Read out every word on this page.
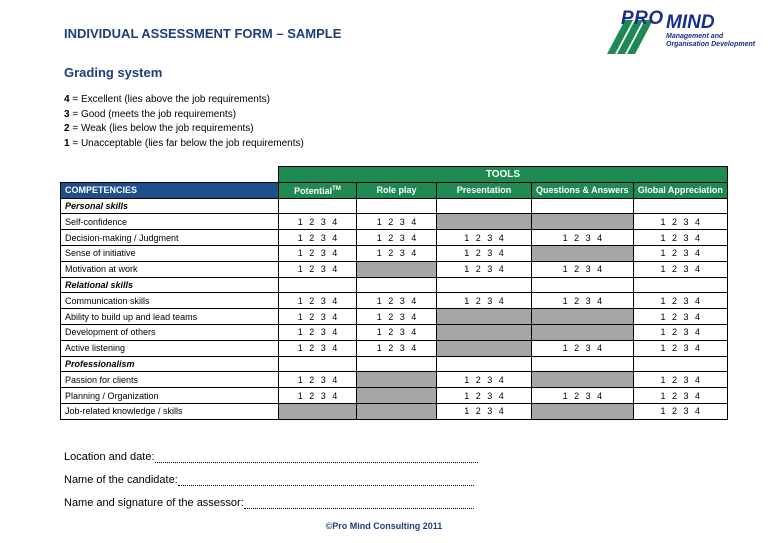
INDIVIDUAL ASSESSMENT FORM – SAMPLE
PRO MIND
Management and
Organisation Development
Grading system
4 = Excellent (lies above the job requirements)
3 = Good (meets the job requirements)
2 = Weak (lies below the job requirements)
1 = Unacceptable (lies far below the job requirements)
	TOOLS				
COMPETENCIES	Potential™	Role play	Presentation	Questions & Answers	Global Appreciation
Personal skills					
Self-confidence	1 2 3 4	1 2 3 4			1 2 3 4
Decision-making / Judgment	1 2 3 4	1 2 3 4	1 2 3 4	1 2 3 4	1 2 3 4
Sense of initiative	1 2 3 4	1 2 3 4	1 2 3 4		1 2 3 4
Motivation at work	1 2 3 4		1 2 3 4	1 2 3 4	1 2 3 4
Relational skills					
Communication skills	1 2 3 4	1 2 3 4	1 2 3 4	1 2 3 4	1 2 3 4
Ability to build up and lead teams	1 2 3 4	1 2 3 4			1 2 3 4
Development of others	1 2 3 4	1 2 3 4			1 2 3 4
Active listening	1 2 3 4	1 2 3 4		1 2 3 4	1 2 3 4
Professionalism					
Passion for clients	1 2 3 4		1 2 3 4		1 2 3 4
Planning / Organization	1 2 3 4		1 2 3 4	1 2 3 4	1 2 3 4
Job-related knowledge / skills			1 2 3 4		1 2 3 4
Location and date:
Name of the candidate:
Name and signature of the assessor:
©Pro Mind Consulting 2011
